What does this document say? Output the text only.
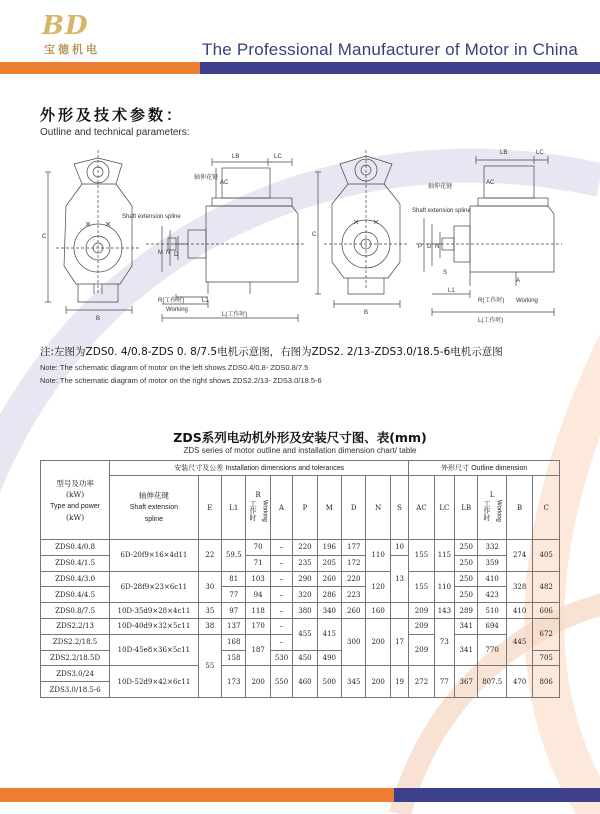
BD
宝德机电	The Professional Manufacturer of Motor in China
外形及技术参数：
Outline and technical parameters:
C
B
LB	LC
AC
M N D
L1
轴伸花键
Shaft extension spline
R(工作时)
Working
L(工作时)
C
B
LB	LC
AC
P D N
S
A
L1
轴伸花键
Shaft extension spline
R(工作时) Working
L(工作时)
注:左图为ZDS0. 4/0.8-ZDS 0. 8/7.5电机示意图，右图为ZDS2. 2/13-ZDS3.0/18.5-6电机示意图
Note: The schematic diagram of motor on the left shows ZDS0.4/0.8- ZDS0.8/7.5
Note: The schematic diagram of motor on the right shows ZDS2.2/13- ZDS3.0/18.5-6
ZDS系列电动机外形及安装尺寸图、表(mm)
ZDS series of motor outline and installation dimension chart/ table
型号及功率
(kW)
Type and power
(kW)	安装尺寸及公差 Installation dimensions and tolerances										外形尺寸 Outline dimension					

	轴伸花键
Shaft extension
spline	E	L1	R
工作时 Working	A	P	M	D	N	S	AC	LC	LB	L
工作时 Working	B	C
ZDS0.4/0.8	6D-20f9×16×4d11	22	59.5	70	–	220	196	177	110	10	155	115	250	332	274	405
ZDS0.4/1.5				71	–	235	205	172		13			250	359		
ZDS0.4/3.0	6D-28f9×23×6c11	30	81	103	–	290	260	220	120		155	110	250	410	328	482
ZDS0.4/4.5			77	94	–	320	286	223					250	423		
ZDS0.8/7.5	10D-35d9×28×4c11	35	97	118	–	380	340	260	160		209	143	289	510	410	606
ZDS2.2/13	10D-40d9×32×5c11	38	137	170	–	455	415	300	200	17	209	73	341	694	445	672
ZDS2.2/18.5	10D-45e8×36×5c11	55	168	187	–						209		341	770		
ZDS2.2/18.5D			158		530	450	490									705
ZDS3.0/24	10D-52d9×42×6c11		173	200	550	460	500	345	200	19	272	77	367	807.5	470	806
ZDS3.0/18.5-6																
